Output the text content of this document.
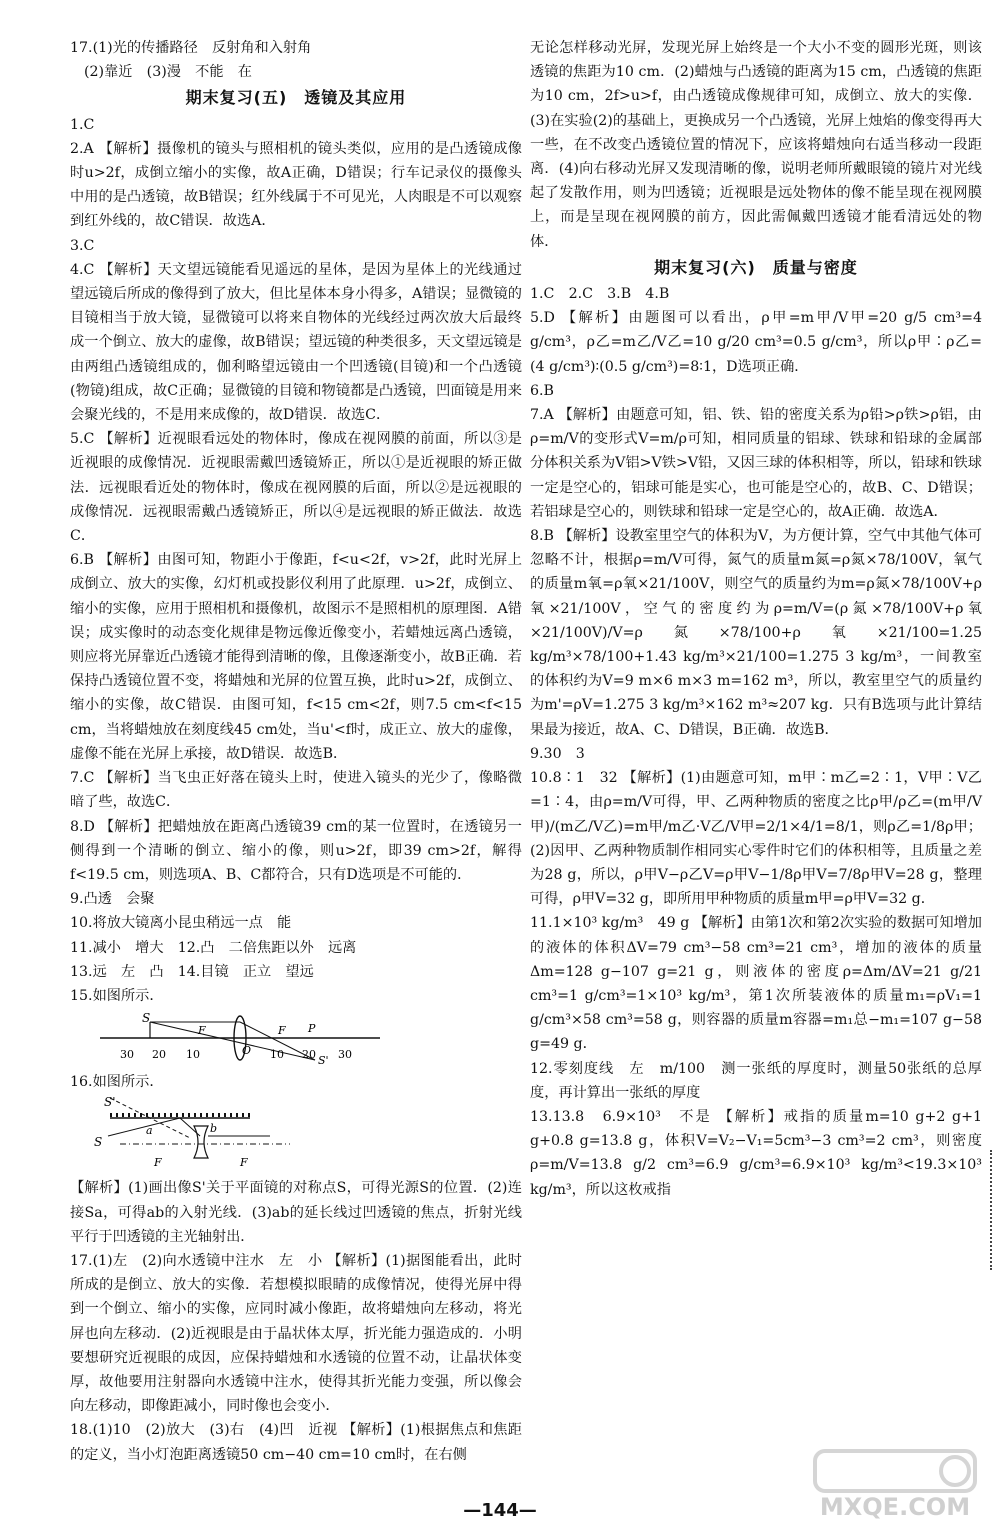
17.(1)光的传播路径　反射角和入射角

(2)靠近　(3)漫　不能　在

期末复习(五)　透镜及其应用

1.C

2.A 【解析】摄像机的镜头与照相机的镜头类似，应用的是凸透镜成像时u>2f，成倒立缩小的实像，故A正确，D错误；行车记录仪的摄像头中用的是凸透镜，故B错误；红外线属于不可见光，人肉眼是不可以观察到红外线的，故C错误．故选A．

3.C

4.C 【解析】天文望远镜能看见遥远的星体，是因为星体上的光线通过望远镜后所成的像得到了放大，但比星体本身小得多，A错误；显微镜的目镜相当于放大镜，显微镜可以将来自物体的光线经过两次放大后最终成一个倒立、放大的虚像，故B错误；望远镜的种类很多，天文望远镜是由两组凸透镜组成的，伽利略望远镜由一个凹透镜(目镜)和一个凸透镜(物镜)组成，故C正确；显微镜的目镜和物镜都是凸透镜，凹面镜是用来会聚光线的，不是用来成像的，故D错误．故选C．

5.C 【解析】近视眼看远处的物体时，像成在视网膜的前面，所以③是近视眼的成像情况．近视眼需戴凹透镜矫正，所以①是近视眼的矫正做法．远视眼看近处的物体时，像成在视网膜的后面，所以②是远视眼的成像情况．远视眼需戴凸透镜矫正，所以④是远视眼的矫正做法．故选C．

6.B 【解析】由图可知，物距小于像距，f<u<2f，v>2f，此时光屏上成倒立、放大的实像，幻灯机或投影仪利用了此原理．u>2f，成倒立、缩小的实像，应用于照相机和摄像机，故图示不是照相机的原理图．A错误；成实像时的动态变化规律是物远像近像变小，若蜡烛远离凸透镜，则应将光屏靠近凸透镜才能得到清晰的像，且像逐渐变小，故B正确．若保持凸透镜位置不变，将蜡烛和光屏的位置互换，此时u>2f，成倒立、缩小的实像，故C错误．由图可知，f<15 cm<2f，则7.5 cm<f<15 cm，当将蜡烛放在刻度线45 cm处，当u'<f时，成正立、放大的虚像，虚像不能在光屏上承接，故D错误．故选B．

7.C 【解析】当飞虫正好落在镜头上时，使进入镜头的光少了，像略微暗了些，故选C．

8.D 【解析】把蜡烛放在距离凸透镜39 cm的某一位置时，在透镜另一侧得到一个清晰的倒立、缩小的像，则u>2f，即39 cm>2f，解得f<19.5 cm，则选项A、B、C都符合，只有D选项是不可能的．

9.凸透　会聚

10.将放大镜离小昆虫稍远一点　能

11.减小　增大　12.凸　二倍焦距以外　远离

13.远　左　凸　14.目镜　正立　望远

15.如图所示．

S
F P
O
F
S'
30 20 10	10 20 30

16.如图所示．

S'
a	b
S
F	F

【解析】(1)画出像S'关于平面镜的对称点S，可得光源S的位置．(2)连接Sa，可得ab的入射光线．(3)ab的延长线过凹透镜的焦点，折射光线平行于凹透镜的主光轴射出．

17.(1)左　(2)向水透镜中注水　左　小 【解析】(1)据图能看出，此时所成的是倒立、放大的实像．若想模拟眼睛的成像情况，使得光屏中得到一个倒立、缩小的实像，应同时减小像距，故将蜡烛向左移动，将光屏也向左移动．(2)近视眼是由于晶状体太厚，折光能力强造成的．小明要想研究近视眼的成因，应保持蜡烛和水透镜的位置不动，让晶状体变厚，故他要用注射器向水透镜中注水，使得其折光能力变强，所以像会向左移动，即像距减小，同时像也会变小．

18.(1)10　(2)放大　(3)右　(4)凹　近视 【解析】(1)根据焦点和焦距的定义，当小灯泡距离透镜50 cm−40 cm=10 cm时，在右侧

无论怎样移动光屏，发现光屏上始终是一个大小不变的圆形光斑，则该透镜的焦距为10 cm．(2)蜡烛与凸透镜的距离为15 cm，凸透镜的焦距为10 cm，2f>u>f，由凸透镜成像规律可知，成倒立、放大的实像．(3)在实验(2)的基础上，更换成另一个凸透镜，光屏上烛焰的像变得再大一些，在不改变凸透镜位置的情况下，应该将蜡烛向右适当移动一段距离．(4)向右移动光屏又发现清晰的像，说明老师所戴眼镜的镜片对光线起了发散作用，则为凹透镜；近视眼是远处物体的像不能呈现在视网膜上，而是呈现在视网膜的前方，因此需佩戴凹透镜才能看清远处的物体．

期末复习(六)　质量与密度

1.C　2.C　3.B　4.B

5.D 【解析】由题图可以看出，ρ甲=m甲/V甲=20 g/5 cm³=4 g/cm³，ρ乙=m乙/V乙=10 g/20 cm³=0.5 g/cm³，所以ρ甲∶ρ乙=(4 g/cm³)∶(0.5 g/cm³)=8∶1，D选项正确．

6.B

7.A 【解析】由题意可知，铝、铁、铅的密度关系为ρ铅>ρ铁>ρ铝，由ρ=m/V的变形式V=m/ρ可知，相同质量的铝球、铁球和铅球的金属部分体积关系为V铝>V铁>V铅，又因三球的体积相等，所以，铅球和铁球一定是空心的，铝球可能是实心，也可能是空心的，故B、C、D错误；若铝球是空心的，则铁球和铅球一定是空心的，故A正确．故选A．

8.B 【解析】设教室里空气的体积为V，为方便计算，空气中其他气体可忽略不计，根据ρ=m/V可得，氮气的质量m氮=ρ氮×78/100V，氧气的质量m氧=ρ氧×21/100V，则空气的质量约为m=ρ氮×78/100V+ρ氧×21/100V，空气的密度约为ρ=m/V=(ρ氮×78/100V+ρ氧×21/100V)/V=ρ氮×78/100+ρ氧×21/100=1.25 kg/m³×78/100+1.43 kg/m³×21/100=1.275 3 kg/m³，一间教室的体积约为V=9 m×6 m×3 m=162 m³，所以，教室里空气的质量约为m'=ρV=1.275 3 kg/m³×162 m³≈207 kg．只有B选项与此计算结果最为接近，故A、C、D错误，B正确．故选B．

9.30　3

10.8∶1　32 【解析】(1)由题意可知，m甲∶m乙=2∶1，V甲∶V乙=1∶4，由ρ=m/V可得，甲、乙两种物质的密度之比ρ甲/ρ乙=(m甲/V甲)/(m乙/V乙)=m甲/m乙·V乙/V甲=2/1×4/1=8/1，则ρ乙=1/8ρ甲；(2)因甲、乙两种物质制作相同实心零件时它们的体积相等，且质量之差为28 g，所以，ρ甲V−ρ乙V=ρ甲V−1/8ρ甲V=7/8ρ甲V=28 g，整理可得，ρ甲V=32 g，即所用甲种物质的质量m甲=ρ甲V=32 g．

11.1×10³ kg/m³　49 g 【解析】由第1次和第2次实验的数据可知增加的液体的体积ΔV=79 cm³−58 cm³=21 cm³，增加的液体的质量Δm=128 g−107 g=21 g，则液体的密度ρ=Δm/ΔV=21 g/21 cm³=1 g/cm³=1×10³ kg/m³，第1次所装液体的质量m₁=ρV₁=1 g/cm³×58 cm³=58 g，则容器的质量m容器=m₁总−m₁=107 g−58 g=49 g．

12.零刻度线　左　m/100　测一张纸的厚度时，测量50张纸的总厚度，再计算出一张纸的厚度

13.13.8　6.9×10³　不是 【解析】戒指的质量m=10 g+2 g+1 g+0.8 g=13.8 g，体积V=V₂−V₁=5cm³−3 cm³=2 cm³，则密度ρ=m/V=13.8 g/2 cm³=6.9 g/cm³=6.9×10³ kg/m³<19.3×10³ kg/m³，所以这枚戒指

—144—	MXQE.COM
